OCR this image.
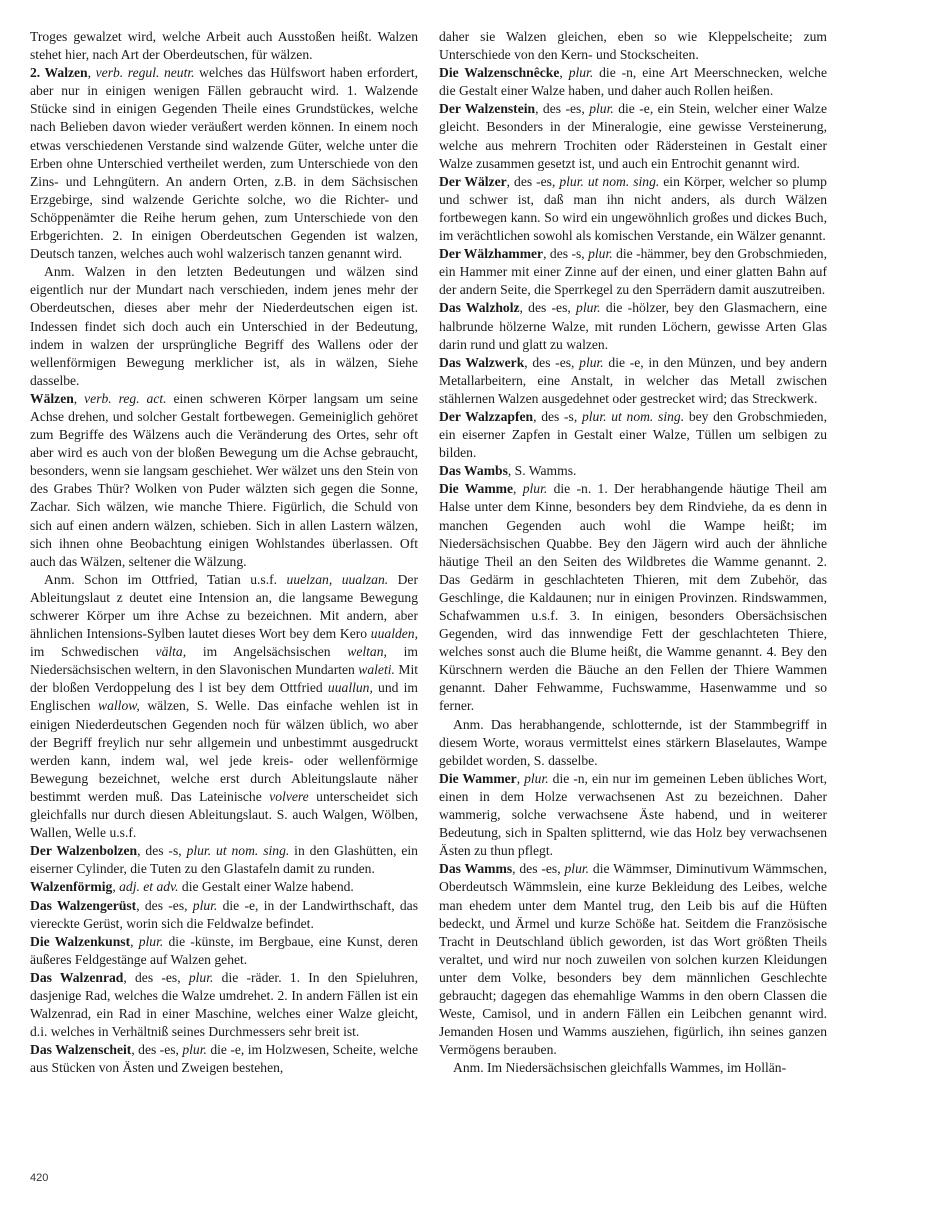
Troges gewalzet wird, welche Arbeit auch Ausstoßen heißt. Walzen stehet hier, nach Art der Oberdeutschen, für wälzen.

2. Walzen, verb. regul. neutr. welches das Hülfswort haben erfordert, aber nur in einigen wenigen Fällen gebraucht wird. 1. Walzende Stücke sind in einigen Gegenden Theile eines Grundstückes, welche nach Belieben davon wieder veräußert werden können. In einem noch etwas verschiedenen Verstande sind walzende Güter, welche unter die Erben ohne Unterschied vertheilet werden, zum Unterschiede von den Zins- und Lehngütern. An andern Orten, z.B. in dem Sächsischen Erzgebirge, sind walzende Gerichte solche, wo die Richter- und Schöppenämter die Reihe herum gehen, zum Unterschiede von den Erbgerichten. 2. In einigen Oberdeutschen Gegenden ist walzen, Deutsch tanzen, welches auch wohl walzerisch tanzen genannt wird.

Anm. Walzen in den letzten Bedeutungen und wälzen sind eigentlich nur der Mundart nach verschieden, indem jenes mehr der Oberdeutschen, dieses aber mehr der Niederdeutschen eigen ist. Indessen findet sich doch auch ein Unterschied in der Bedeutung, indem in walzen der ursprüngliche Begriff des Wallens oder der wellenförmigen Bewegung merklicher ist, als in wälzen, Siehe dasselbe.

Wälzen, verb. reg. act. einen schweren Körper langsam um seine Achse drehen, und solcher Gestalt fortbewegen. Gemeiniglich gehöret zum Begriffe des Wälzens auch die Veränderung des Ortes, sehr oft aber wird es auch von der bloßen Bewegung um die Achse gebraucht, besonders, wenn sie langsam geschiehet. Wer wälzet uns den Stein von des Grabes Thür? Wolken von Puder wälzten sich gegen die Sonne, Zachar. Sich wälzen, wie manche Thiere. Figürlich, die Schuld von sich auf einen andern wälzen, schieben. Sich in allen Lastern wälzen, sich ihnen ohne Beobachtung einigen Wohlstandes überlassen. Oft auch das Wälzen, seltener die Wälzung.

Anm. Schon im Ottfried, Tatian u.s.f. uuelzan, uualzan. Der Ableitungslaut z deutet eine Intension an, die langsame Bewegung schwerer Körper um ihre Achse zu bezeichnen. Mit andern, aber ähnlichen Intensions-Sylben lautet dieses Wort bey dem Kero uualden, im Schwedischen vältа, im Angelsächsischen weltan, im Niedersächsischen weltern, in den Slavonischen Mundarten waleti. Mit der bloßen Verdoppelung des l ist bey dem Ottfried uuallun, und im Englischen wallow, wälzen, S. Welle. Das einfache wehlen ist in einigen Niederdeutschen Gegenden noch für wälzen üblich, wo aber der Begriff freylich nur sehr allgemein und unbestimmt ausgedruckt werden kann, indem wal, wel jede kreis- oder wellenförmige Bewegung bezeichnet, welche erst durch Ableitungslaute näher bestimmt werden muß. Das Lateinische volvere unterscheidet sich gleichfalls nur durch diesen Ableitungslaut. S. auch Walgen, Wölben, Wallen, Welle u.s.f.

Der Walzenbolzen, des -s, plur. ut nom. sing. in den Glashütten, ein eiserner Cylinder, die Tuten zu den Glastafeln damit zu runden.

Walzenförmig, adj. et adv. die Gestalt einer Walze habend.

Das Walzengerüst, des -es, plur. die -e, in der Landwirthschaft, das viereckte Gerüst, worin sich die Feldwalze befindet.

Die Walzenkunst, plur. die -künste, im Bergbaue, eine Kunst, deren äußeres Feldgestänge auf Walzen gehet.

Das Walzenrad, des -es, plur. die -räder. 1. In den Spieluhren, dasjenige Rad, welches die Walze umdrehet. 2. In andern Fällen ist ein Walzenrad, ein Rad in einer Maschine, welches einer Walze gleicht, d.i. welches in Verhältniß seines Durchmessers sehr breit ist.

Das Walzenscheit, des -es, plur. die -e, im Holzwesen, Scheite, welche aus Stücken von Ästen und Zweigen bestehen,

daher sie Walzen gleichen, eben so wie Kleppelscheite; zum Unterschiede von den Kern- und Stockscheiten.

Die Walzenschnêcke, plur. die -n, eine Art Meerschnecken, welche die Gestalt einer Walze haben, und daher auch Rollen heißen.

Der Walzenstein, des -es, plur. die -e, ein Stein, welcher einer Walze gleicht. Besonders in der Mineralogie, eine gewisse Versteinerung, welche aus mehrern Trochiten oder Rädersteinen in Gestalt einer Walze zusammen gesetzt ist, und auch ein Entrochit genannt wird.

Der Wälzer, des -es, plur. ut nom. sing. ein Körper, welcher so plump und schwer ist, daß man ihn nicht anders, als durch Wälzen fortbewegen kann. So wird ein ungewöhnlich großes und dickes Buch, im verächtlichen sowohl als komischen Verstande, ein Wälzer genannt.

Der Wälzhammer, des -s, plur. die -hämmer, bey den Grobschmieden, ein Hammer mit einer Zinne auf der einen, und einer glatten Bahn auf der andern Seite, die Sperrkegel zu den Sperrädern damit auszutreiben.

Das Walzholz, des -es, plur. die -hölzer, bey den Glasmachern, eine halbrunde hölzerne Walze, mit runden Löchern, gewisse Arten Glas darin rund und glatt zu walzen.

Das Walzwerk, des -es, plur. die -e, in den Münzen, und bey andern Metallarbeitern, eine Anstalt, in welcher das Metall zwischen stählernen Walzen ausgedehnet oder gestrecket wird; das Streckwerk.

Der Walzzapfen, des -s, plur. ut nom. sing. bey den Grobschmieden, ein eiserner Zapfen in Gestalt einer Walze, Tüllen um selbigen zu bilden.

Das Wambs, S. Wamms.

Die Wamme, plur. die -n. 1. Der herabhangende häutige Theil am Halse unter dem Kinne, besonders bey dem Rindviehe, da es denn in manchen Gegenden auch wohl die Wampe heißt; im Niedersächsischen Quabbe. Bey den Jägern wird auch der ähnliche häutige Theil an den Seiten des Wildbretes die Wamme genannt. 2. Das Gedärm in geschlachteten Thieren, mit dem Zubehör, das Geschlinge, die Kaldaunen; nur in einigen Provinzen. Rindswammen, Schafwammen u.s.f. 3. In einigen, besonders Obersächsischen Gegenden, wird das innwendige Fett der geschlachteten Thiere, welches sonst auch die Blume heißt, die Wamme genannt. 4. Bey den Kürschnern werden die Bäuche an den Fellen der Thiere Wammen genannt. Daher Fehwamme, Fuchswamme, Hasenwamme und so ferner.

Anm. Das herabhangende, schlotternde, ist der Stammbegriff in diesem Worte, woraus vermittelst eines stärkern Blaselautes, Wampe gebildet worden, S. dasselbe.

Die Wammer, plur. die -n, ein nur im gemeinen Leben übliches Wort, einen in dem Holze verwachsenen Ast zu bezeichnen. Daher wammerig, solche verwachsene Äste habend, und in weiterer Bedeutung, sich in Spalten splitternd, wie das Holz bey verwachsenen Ästen zu thun pflegt.

Das Wamms, des -es, plur. die Wämmser, Diminutivum Wämmschen, Oberdeutsch Wämmslein, eine kurze Bekleidung des Leibes, welche man ehedem unter dem Mantel trug, den Leib bis auf die Hüften bedeckt, und Ärmel und kurze Schöße hat. Seitdem die Französische Tracht in Deutschland üblich geworden, ist das Wort größten Theils veraltet, und wird nur noch zuweilen von solchen kurzen Kleidungen unter dem Volke, besonders bey dem männlichen Geschlechte gebraucht; dagegen das ehemahlige Wamms in den obern Classen die Weste, Camisol, und in andern Fällen ein Leibchen genannt wird. Jemanden Hosen und Wamms ausziehen, figürlich, ihn seines ganzen Vermögens berauben.

Anm. Im Niedersächsischen gleichfalls Wammes, im Hollän-

420
